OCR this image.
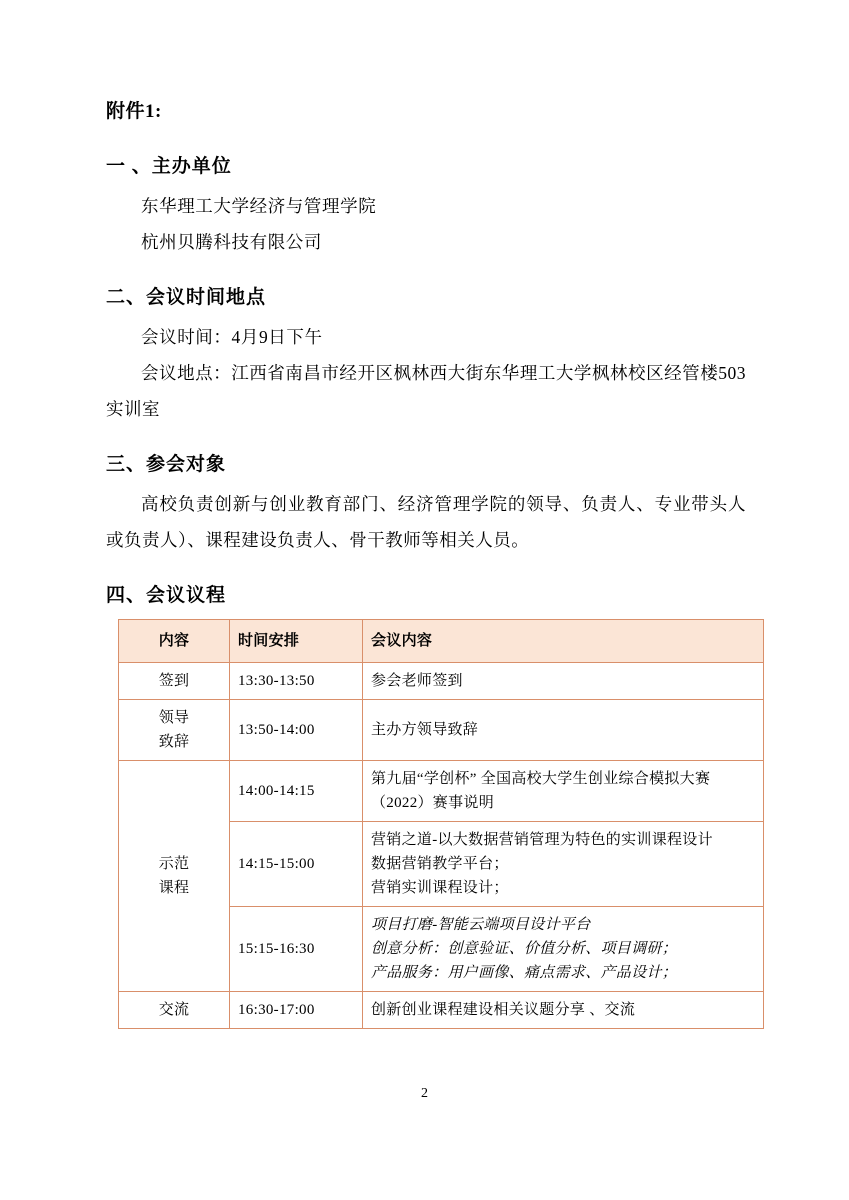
附件1:
一 、主办单位
东华理工大学经济与管理学院
杭州贝腾科技有限公司
二、会议时间地点
会议时间：4月9日下午
会议地点：江西省南昌市经开区枫林西大街东华理工大学枫林校区经管楼503实训室
三、参会对象
高校负责创新与创业教育部门、经济管理学院的领导、负责人、专业带头人或负责人）、课程建设负责人、骨干教师等相关人员。
四、会议议程
内容	时间安排	会议内容
签到	13:30-13:50	参会老师签到
领导
致辞	13:50-14:00	主办方领导致辞
示范
课程	14:00-14:15	第九届“学创杯” 全国高校大学生创业综合模拟大赛（2022）赛事说明
	14:15-15:00	营销之道-以大数据营销管理为特色的实训课程设计
数据营销教学平台；
营销实训课程设计；
	15:15-16:30	项目打磨-智能云端项目设计平台
创意分析：创意验证、价值分析、项目调研；
产品服务：用户画像、痛点需求、产品设计；
交流	16:30-17:00	创新创业课程建设相关议题分享 、交流
2
